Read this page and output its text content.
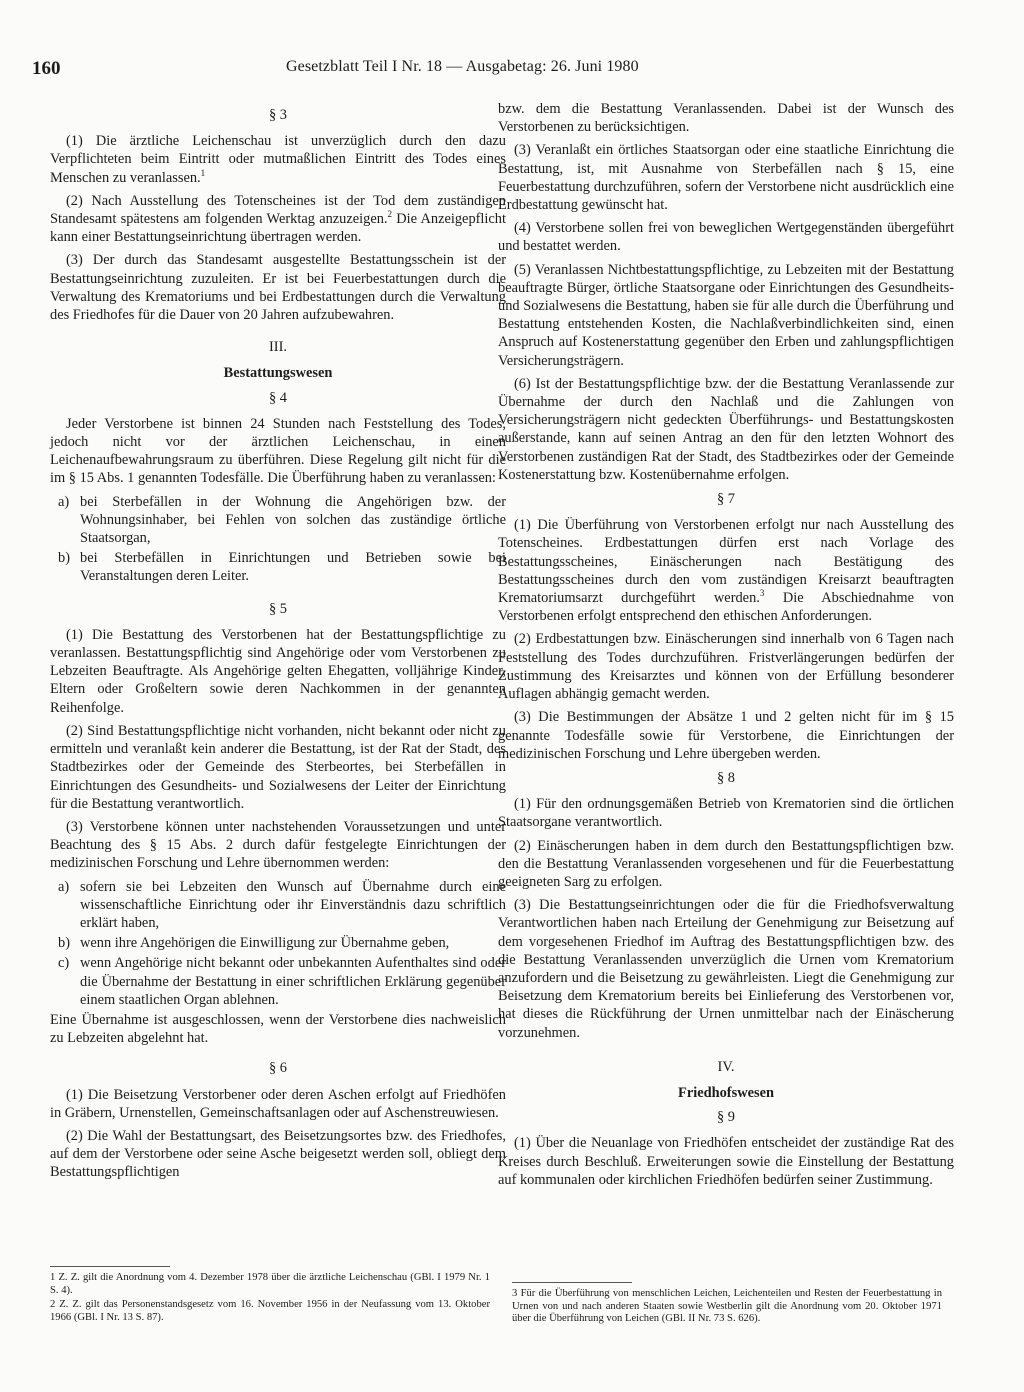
160	Gesetzblatt Teil I Nr. 18 — Ausgabetag: 26. Juni 1980
§ 3

(1) Die ärztliche Leichenschau ist unverzüglich durch den dazu Verpflichteten beim Eintritt oder mutmaßlichen Eintritt des Todes eines Menschen zu veranlassen.$^1$

(2) Nach Ausstellung des Totenscheines ist der Tod dem zuständigen Standesamt spätestens am folgenden Werktag anzuzeigen.$^2$ Die Anzeigepflicht kann einer Bestattungseinrichtung übertragen werden.

(3) Der durch das Standesamt ausgestellte Bestattungsschein ist der Bestattungseinrichtung zuzuleiten. Er ist bei Feuerbestattungen durch die Verwaltung des Krematoriums und bei Erdbestattungen durch die Verwaltung des Friedhofes für die Dauer von 20 Jahren aufzubewahren.

III.
Bestattungswesen
§ 4

Jeder Verstorbene ist binnen 24 Stunden nach Feststellung des Todes, jedoch nicht vor der ärztlichen Leichenschau, in einen Leichenaufbewahrungsraum zu überführen. Diese Regelung gilt nicht für die im § 15 Abs. 1 genannten Todesfälle. Die Überführung haben zu veranlassen:

a) bei Sterbefällen in der Wohnung die Angehörigen bzw. der Wohnungsinhaber, bei Fehlen von solchen das zuständige örtliche Staatsorgan,
b) bei Sterbefällen in Einrichtungen und Betrieben sowie bei Veranstaltungen deren Leiter.
§ 5

(1) Die Bestattung des Verstorbenen hat der Bestattungspflichtige zu veranlassen. Bestattungspflichtig sind Angehörige oder vom Verstorbenen zu Lebzeiten Beauftragte. Als Angehörige gelten Ehegatten, volljährige Kinder, Eltern oder Großeltern sowie deren Nachkommen in der genannten Reihenfolge.

(2) Sind Bestattungspflichtige nicht vorhanden, nicht bekannt oder nicht zu ermitteln und veranlaßt kein anderer die Bestattung, ist der Rat der Stadt, des Stadtbezirkes oder der Gemeinde des Sterbeortes, bei Sterbefällen in Einrichtungen des Gesundheits- und Sozialwesens der Leiter der Einrichtung für die Bestattung verantwortlich.

(3) Verstorbene können unter nachstehenden Voraussetzungen und unter Beachtung des § 15 Abs. 2 durch dafür festgelegte Einrichtungen der medizinischen Forschung und Lehre übernommen werden:

a) sofern sie bei Lebzeiten den Wunsch auf Übernahme durch eine wissenschaftliche Einrichtung oder ihr Einverständnis dazu schriftlich erklärt haben,
b) wenn ihre Angehörigen die Einwilligung zur Übernahme geben,
c) wenn Angehörige nicht bekannt oder unbekannten Aufenthaltes sind oder die Übernahme der Bestattung in einer schriftlichen Erklärung gegenüber einem staatlichen Organ ablehnen.

Eine Übernahme ist ausgeschlossen, wenn der Verstorbene dies nachweislich zu Lebzeiten abgelehnt hat.

§ 6

(1) Die Beisetzung Verstorbener oder deren Aschen erfolgt auf Friedhöfen in Gräbern, Urnenstellen, Gemeinschaftsanlagen oder auf Aschenstreuwiesen.

(2) Die Wahl der Bestattungsart, des Beisetzungsortes bzw. des Friedhofes, auf dem der Verstorbene oder seine Asche beigesetzt werden soll, obliegt dem Bestattungspflichtigen

bzw. dem die Bestattung Veranlassenden. Dabei ist der Wunsch des Verstorbenen zu berücksichtigen.

(3) Veranlaßt ein örtliches Staatsorgan oder eine staatliche Einrichtung die Bestattung, ist, mit Ausnahme von Sterbefällen nach § 15, eine Feuerbestattung durchzuführen, sofern der Verstorbene nicht ausdrücklich eine Erdbestattung gewünscht hat.

(4) Verstorbene sollen frei von beweglichen Wertgegenständen übergeführt und bestattet werden.

(5) Veranlassen Nichtbestattungspflichtige, zu Lebzeiten mit der Bestattung beauftragte Bürger, örtliche Staatsorgane oder Einrichtungen des Gesundheits- und Sozialwesens die Bestattung, haben sie für alle durch die Überführung und Bestattung entstehenden Kosten, die Nachlaßverbindlichkeiten sind, einen Anspruch auf Kostenerstattung gegenüber den Erben und zahlungspflichtigen Versicherungsträgern.

(6) Ist der Bestattungspflichtige bzw. der die Bestattung Veranlassende zur Übernahme der durch den Nachlaß und die Zahlungen von Versicherungsträgern nicht gedeckten Überführungs- und Bestattungskosten außerstande, kann auf seinen Antrag an den für den letzten Wohnort des Verstorbenen zuständigen Rat der Stadt, des Stadtbezirkes oder der Gemeinde Kostenerstattung bzw. Kostenübernahme erfolgen.

§ 7

(1) Die Überführung von Verstorbenen erfolgt nur nach Ausstellung des Totenscheines. Erdbestattungen dürfen erst nach Vorlage des Bestattungsscheines, Einäscherungen nach Bestätigung des Bestattungsscheines durch den vom zuständigen Kreisarzt beauftragten Krematoriumsarzt durchgeführt werden.$^3$ Die Abschiednahme von Verstorbenen erfolgt entsprechend den ethischen Anforderungen.

(2) Erdbestattungen bzw. Einäscherungen sind innerhalb von 6 Tagen nach Feststellung des Todes durchzuführen. Fristverlängerungen bedürfen der Zustimmung des Kreisarztes und können von der Erfüllung besonderer Auflagen abhängig gemacht werden.

(3) Die Bestimmungen der Absätze 1 und 2 gelten nicht für im § 15 genannte Todesfälle sowie für Verstorbene, die Einrichtungen der medizinischen Forschung und Lehre übergeben werden.

§ 8

(1) Für den ordnungsgemäßen Betrieb von Krematorien sind die örtlichen Staatsorgane verantwortlich.

(2) Einäscherungen haben in dem durch den Bestattungspflichtigen bzw. den die Bestattung Veranlassenden vorgesehenen und für die Feuerbestattung geeigneten Sarg zu erfolgen.

(3) Die Bestattungseinrichtungen oder die für die Friedhofsverwaltung Verantwortlichen haben nach Erteilung der Genehmigung zur Beisetzung auf dem vorgesehenen Friedhof im Auftrag des Bestattungspflichtigen bzw. des die Bestattung Veranlassenden unverzüglich die Urnen vom Krematorium anzufordern und die Beisetzung zu gewährleisten. Liegt die Genehmigung zur Beisetzung dem Krematorium bereits bei Einlieferung des Verstorbenen vor, hat dieses die Rückführung der Urnen unmittelbar nach der Einäscherung vorzunehmen.

IV.
Friedhofswesen
§ 9

(1) Über die Neuanlage von Friedhöfen entscheidet der zuständige Rat des Kreises durch Beschluß. Erweiterungen sowie die Einstellung der Bestattung auf kommunalen oder kirchlichen Friedhöfen bedürfen seiner Zustimmung.

1 Z. Z. gilt die Anordnung vom 4. Dezember 1978 über die ärztliche Leichenschau (GBl. I 1979 Nr. 1 S. 4).

2 Z. Z. gilt das Personenstandsgesetz vom 16. November 1956 in der Neufassung vom 13. Oktober 1966 (GBl. I Nr. 13 S. 87).

3 Für die Überführung von menschlichen Leichen, Leichenteilen und Resten der Feuerbestattung in Urnen von und nach anderen Staaten sowie Westberlin gilt die Anordnung vom 20. Oktober 1971 über die Überführung von Leichen (GBl. II Nr. 73 S. 626).
